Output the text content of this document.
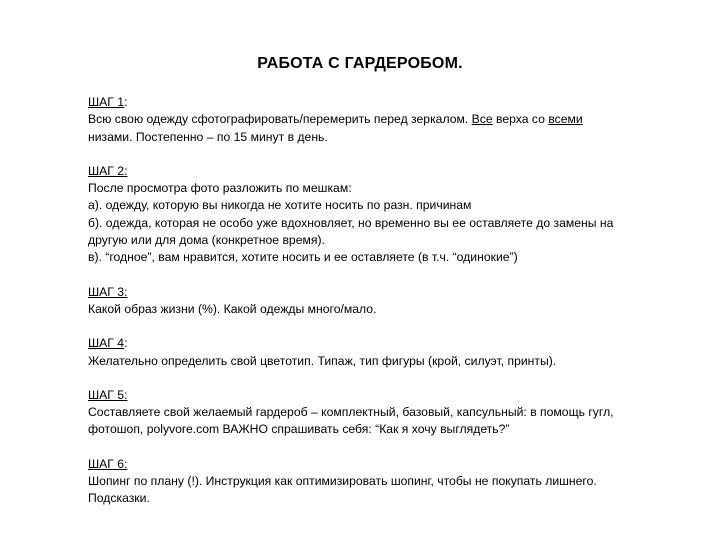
РАБОТА С ГАРДЕРОБОМ.
ШАГ 1:
Всю свою одежду сфотографировать/перемерить перед зеркалом. Все верха со всеми
низами. Постепенно – по 15 минут в день.
ШАГ 2:
После просмотра фото разложить по мешкам:
а). одежду, которую вы никогда не хотите носить по разн. причинам
б). одежда, которая не особо уже вдохновляет, но временно вы ее оставляете до замены на
другую или для дома (конкретное время).
в). “годное”, вам нравится, хотите носить и ее оставляете (в т.ч. “одинокие”)
ШАГ 3:
Какой образ жизни (%). Какой одежды много/мало.
ШАГ 4:
Желательно определить свой цветотип. Типаж, тип фигуры (крой, силуэт, принты).
ШАГ 5:
Составляете свой желаемый гардероб – комплектный, базовый, капсульный: в помощь гугл,
фотошоп, polyvore.com ВАЖНО спрашивать себя: “Как я хочу выглядеть?”
ШАГ 6:
Шопинг по плану (!). Инструкция как оптимизировать шопинг, чтобы не покупать лишнего.
Подсказки.
